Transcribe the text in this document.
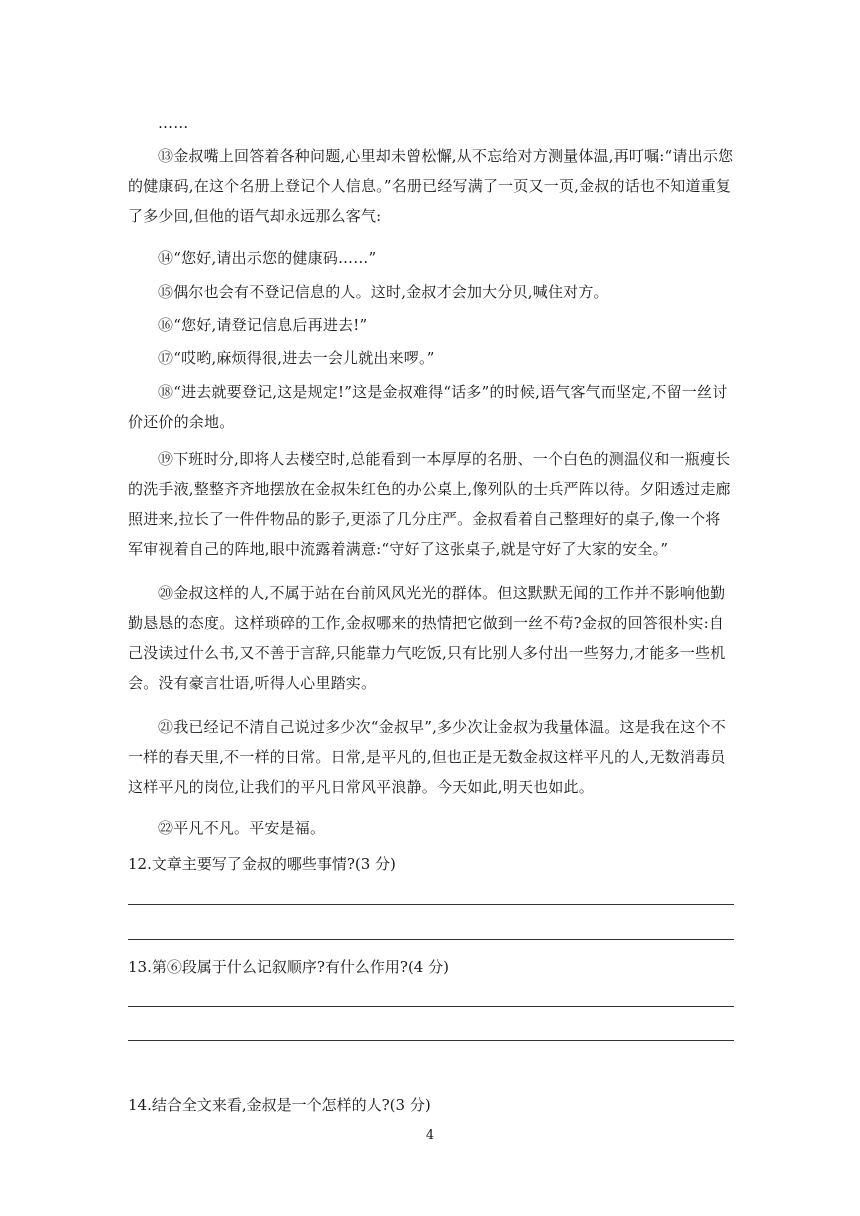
……

⑬金叔嘴上回答着各种问题,心里却未曾松懈,从不忘给对方测量体温,再叮嘱:“请出示您的健康码,在这个名册上登记个人信息。”名册已经写满了一页又一页,金叔的话也不知道重复了多少回,但他的语气却永远那么客气:

⑭“您好,请出示您的健康码……”

⑮偶尔也会有不登记信息的人。这时,金叔才会加大分贝,喊住对方。

⑯“您好,请登记信息后再进去!”

⑰“哎哟,麻烦得很,进去一会儿就出来啰。”

⑱“进去就要登记,这是规定!”这是金叔难得“话多”的时候,语气客气而坚定,不留一丝讨价还价的余地。

⑲下班时分,即将人去楼空时,总能看到一本厚厚的名册、一个白色的测温仪和一瓶瘦长的洗手液,整整齐齐地摆放在金叔朱红色的办公桌上,像列队的士兵严阵以待。夕阳透过走廊照进来,拉长了一件件物品的影子,更添了几分庄严。金叔看着自己整理好的桌子,像一个将军审视着自己的阵地,眼中流露着满意:“守好了这张桌子,就是守好了大家的安全。”

⑳金叔这样的人,不属于站在台前风风光光的群体。但这默默无闻的工作并不影响他勤勤恳恳的态度。这样琐碎的工作,金叔哪来的热情把它做到一丝不苟?金叔的回答很朴实:自己没读过什么书,又不善于言辞,只能靠力气吃饭,只有比别人多付出一些努力,才能多一些机会。没有豪言壮语,听得人心里踏实。

㉑我已经记不清自己说过多少次“金叔早”,多少次让金叔为我量体温。这是我在这个不一样的春天里,不一样的日常。日常,是平凡的,但也正是无数金叔这样平凡的人,无数消毒员这样平凡的岗位,让我们的平凡日常风平浪静。今天如此,明天也如此。

㉒平凡不凡。平安是福。

12.文章主要写了金叔的哪些事情?(3 分)

13.第⑥段属于什么记叙顺序?有什么作用?(4 分)

14.结合全文来看,金叔是一个怎样的人?(3 分)

4
